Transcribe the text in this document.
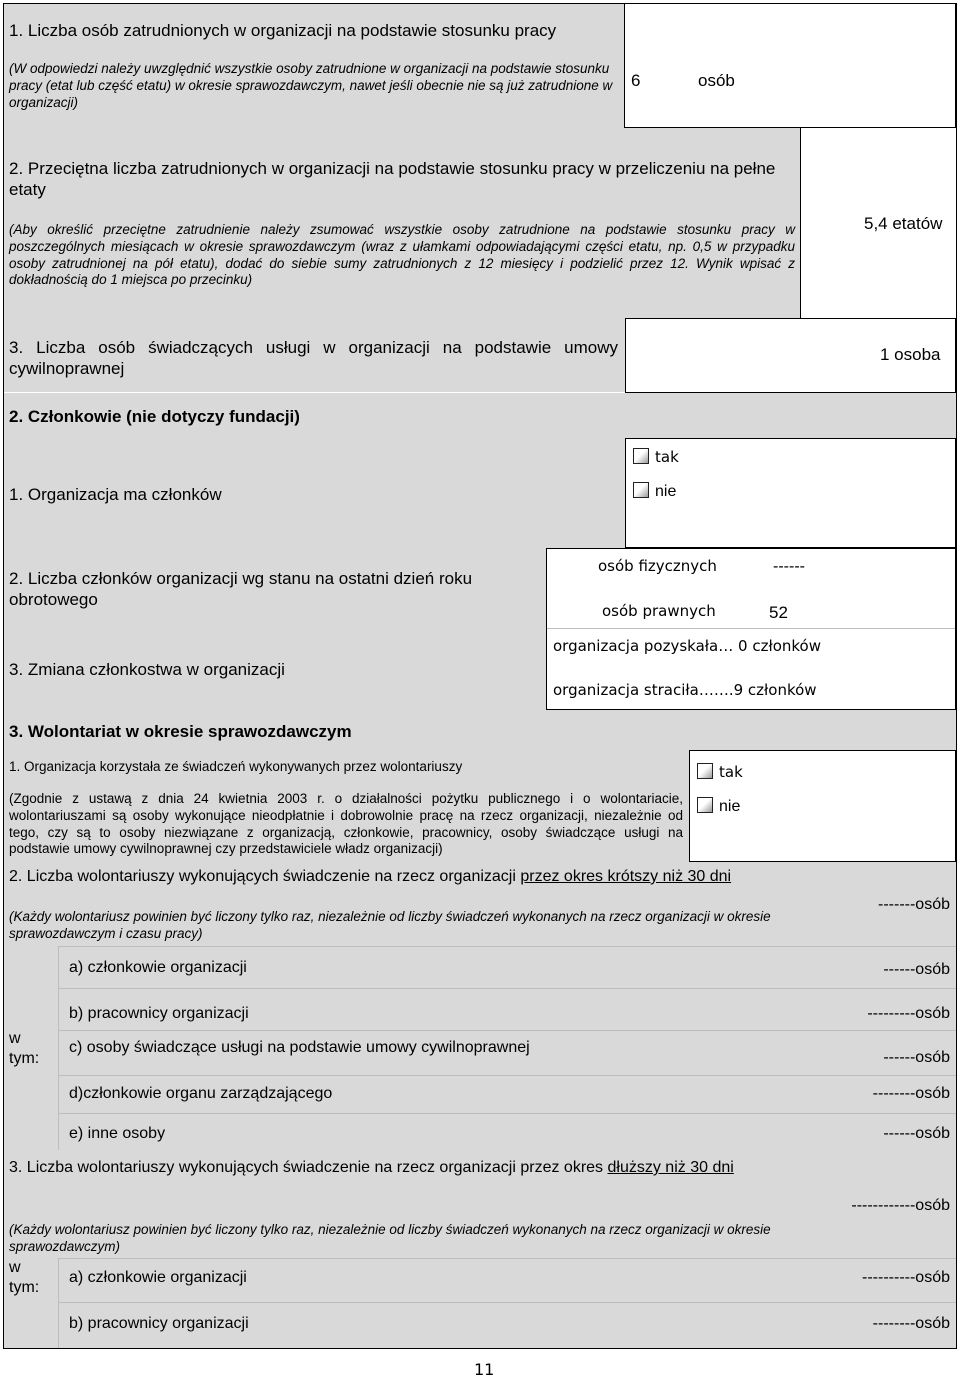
1. Liczba osób zatrudnionych w organizacji na podstawie stosunku pracy
(W odpowiedzi należy uwzględnić wszystkie osoby zatrudnione w organizacji na podstawie stosunku pracy (etat lub część etatu) w okresie sprawozdawczym, nawet jeśli obecnie nie są już zatrudnione w organizacji)
6	osób
2. Przeciętna liczba zatrudnionych w organizacji na podstawie stosunku pracy w przeliczeniu na pełne etaty
(Aby określić przeciętne zatrudnienie należy zsumować wszystkie osoby zatrudnione na podstawie stosunku pracy w poszczególnych miesiącach w okresie sprawozdawczym (wraz z ułamkami odpowiadającymi części etatu, np. 0,5 w przypadku osoby zatrudnionej na pół etatu), dodać do siebie sumy zatrudnionych z 12 miesięcy i podzielić przez 12. Wynik wpisać z dokładnością do 1 miejsca po przecinku)
5,4 etatów
3. Liczba osób świadczących usługi w organizacji na podstawie umowy cywilnoprawnej
1 osoba
2. Członkowie (nie dotyczy fundacji)
1. Organizacja ma członków
tak
nie
2. Liczba członków organizacji wg stanu na ostatni dzień roku obrotowego
3. Zmiana członkostwa w organizacji
osób fizycznych	------
osób prawnych	52
organizacja pozyskała… 0 członków
organizacja straciła…….9 członków
3. Wolontariat w okresie sprawozdawczym
1. Organizacja korzystała ze świadczeń wykonywanych przez wolontariuszy
(Zgodnie z ustawą z dnia 24 kwietnia 2003 r. o działalności pożytku publicznego i o wolontariacie, wolontariuszami są osoby wykonujące nieodpłatnie i dobrowolnie pracę na rzecz organizacji, niezależnie od tego, czy są to osoby niezwiązane z organizacją, członkowie, pracownicy, osoby świadczące usługi na podstawie umowy cywilnoprawnej czy przedstawiciele władz organizacji)
tak
nie
2. Liczba wolontariuszy wykonujących świadczenie na rzecz organizacji przez okres krótszy niż 30 dni
(Każdy wolontariusz powinien być liczony tylko raz, niezależnie od liczby świadczeń wykonanych na rzecz organizacji w okresie sprawozdawczym i czasu pracy)
-------osób
w tym:
a) członkowie organizacji	------osób
b) pracownicy organizacji	---------osób
c) osoby świadczące usługi na podstawie umowy cywilnoprawnej
------osób
d)członkowie organu zarządzającego	--------osób
e) inne osoby	------osób
3. Liczba wolontariuszy wykonujących świadczenie na rzecz organizacji przez okres dłuższy niż 30 dni
(Każdy wolontariusz powinien być liczony tylko raz, niezależnie od liczby świadczeń wykonanych na rzecz organizacji w okresie sprawozdawczym)
------------osób
w tym:
a) członkowie organizacji	----------osób
b) pracownicy organizacji	--------osób
11
